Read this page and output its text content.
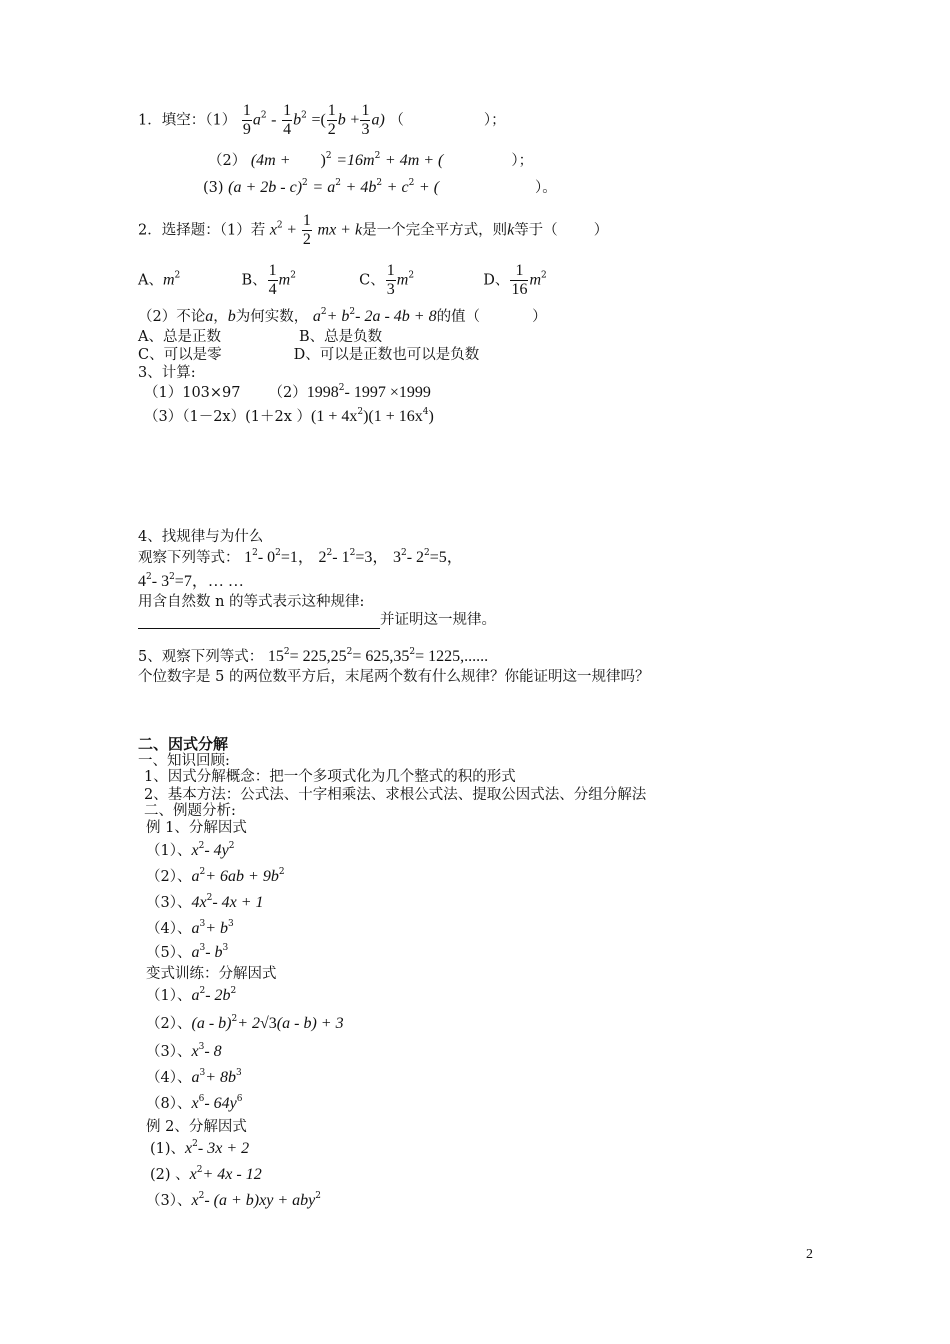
1．填空：$(1) \frac{1}{9} a^2 - \frac{1}{4} b^2$ =( $\frac{1}{2}$ $b + \frac{1}{3} a$) （	）；
（2） $(4m + )^2 =16m^2 + 4m$ + (	）；
(3) $(a + 2b - c)^2 = a^2 + 4b^2 + c^2$ + (	）。
2．选择题：（1）若 $x^2 + \frac{1}{2}$ mx + k是一个完全平方式，则k等于（ ）
A、$m^2$	B、 $\frac{1}{4} m^2$	C、 $\frac{1}{3} m^2$	D、 $\frac{1}{16} m^2$
（2）不论a，b为何实数， $a^2+ b^2-$ 2a - 4b + 8的值（	）
A、总是正数	B、总是负数
C、可以是零	D、可以是正数也可以是负数
3、计算:
（1）103×97 （2）1998$^2$- 1997 ×1999
（3）（1－2x）(1＋2x ）$(1 + 4x^2)(1 + 16x^4)$
4、找规律与为什么
观察下列等式： $1^2-$ $0^2=1$， $2^2-$ $1^2=3$， $3^2-$ $2^2=5$，
$4^2-$ $3^2=7$，… …
用含自然数 n 的等式表示这种规律:
并证明这一规律。
5、观察下列等式： $15^2= 225,25^2= 625,35^2= 1225$,......
个位数字是 5 的两位数平方后，末尾两个数有什么规律？你能证明这一规律吗？
二、因式分解
一、知识回顾:
1、因式分解概念：把一个多项式化为几个整式的积的形式
2、基本方法：公式法、十字相乘法、求根公式法、提取公因式法、分组分解法
二、例题分析:
例 1、分解因式
（1）、$x^2-$ $4y^2$
（2）、$a^2+ 6ab + 9b^2$
（3）、$4x^2-$ 4x + 1
（4）、$a^3+ b^3$
（5）、$a^3-$ $b^3$
变式训练：分解因式
（1）、$a^2-$ $2b^2$
（2）、(a - b)$^2$+ 2√3(a - b) + 3
（3）、$x^3-$ 8
（4）、$a^3+ 8b^3$
（8）、$x^6-$ $64y^6$
例 2、分解因式
(1)、$x^2-$ 3x + 2
(2) 、$x^2+ 4x - 12$
（3）、$x^2-$ (a + b)xy + aby$^2$
2
